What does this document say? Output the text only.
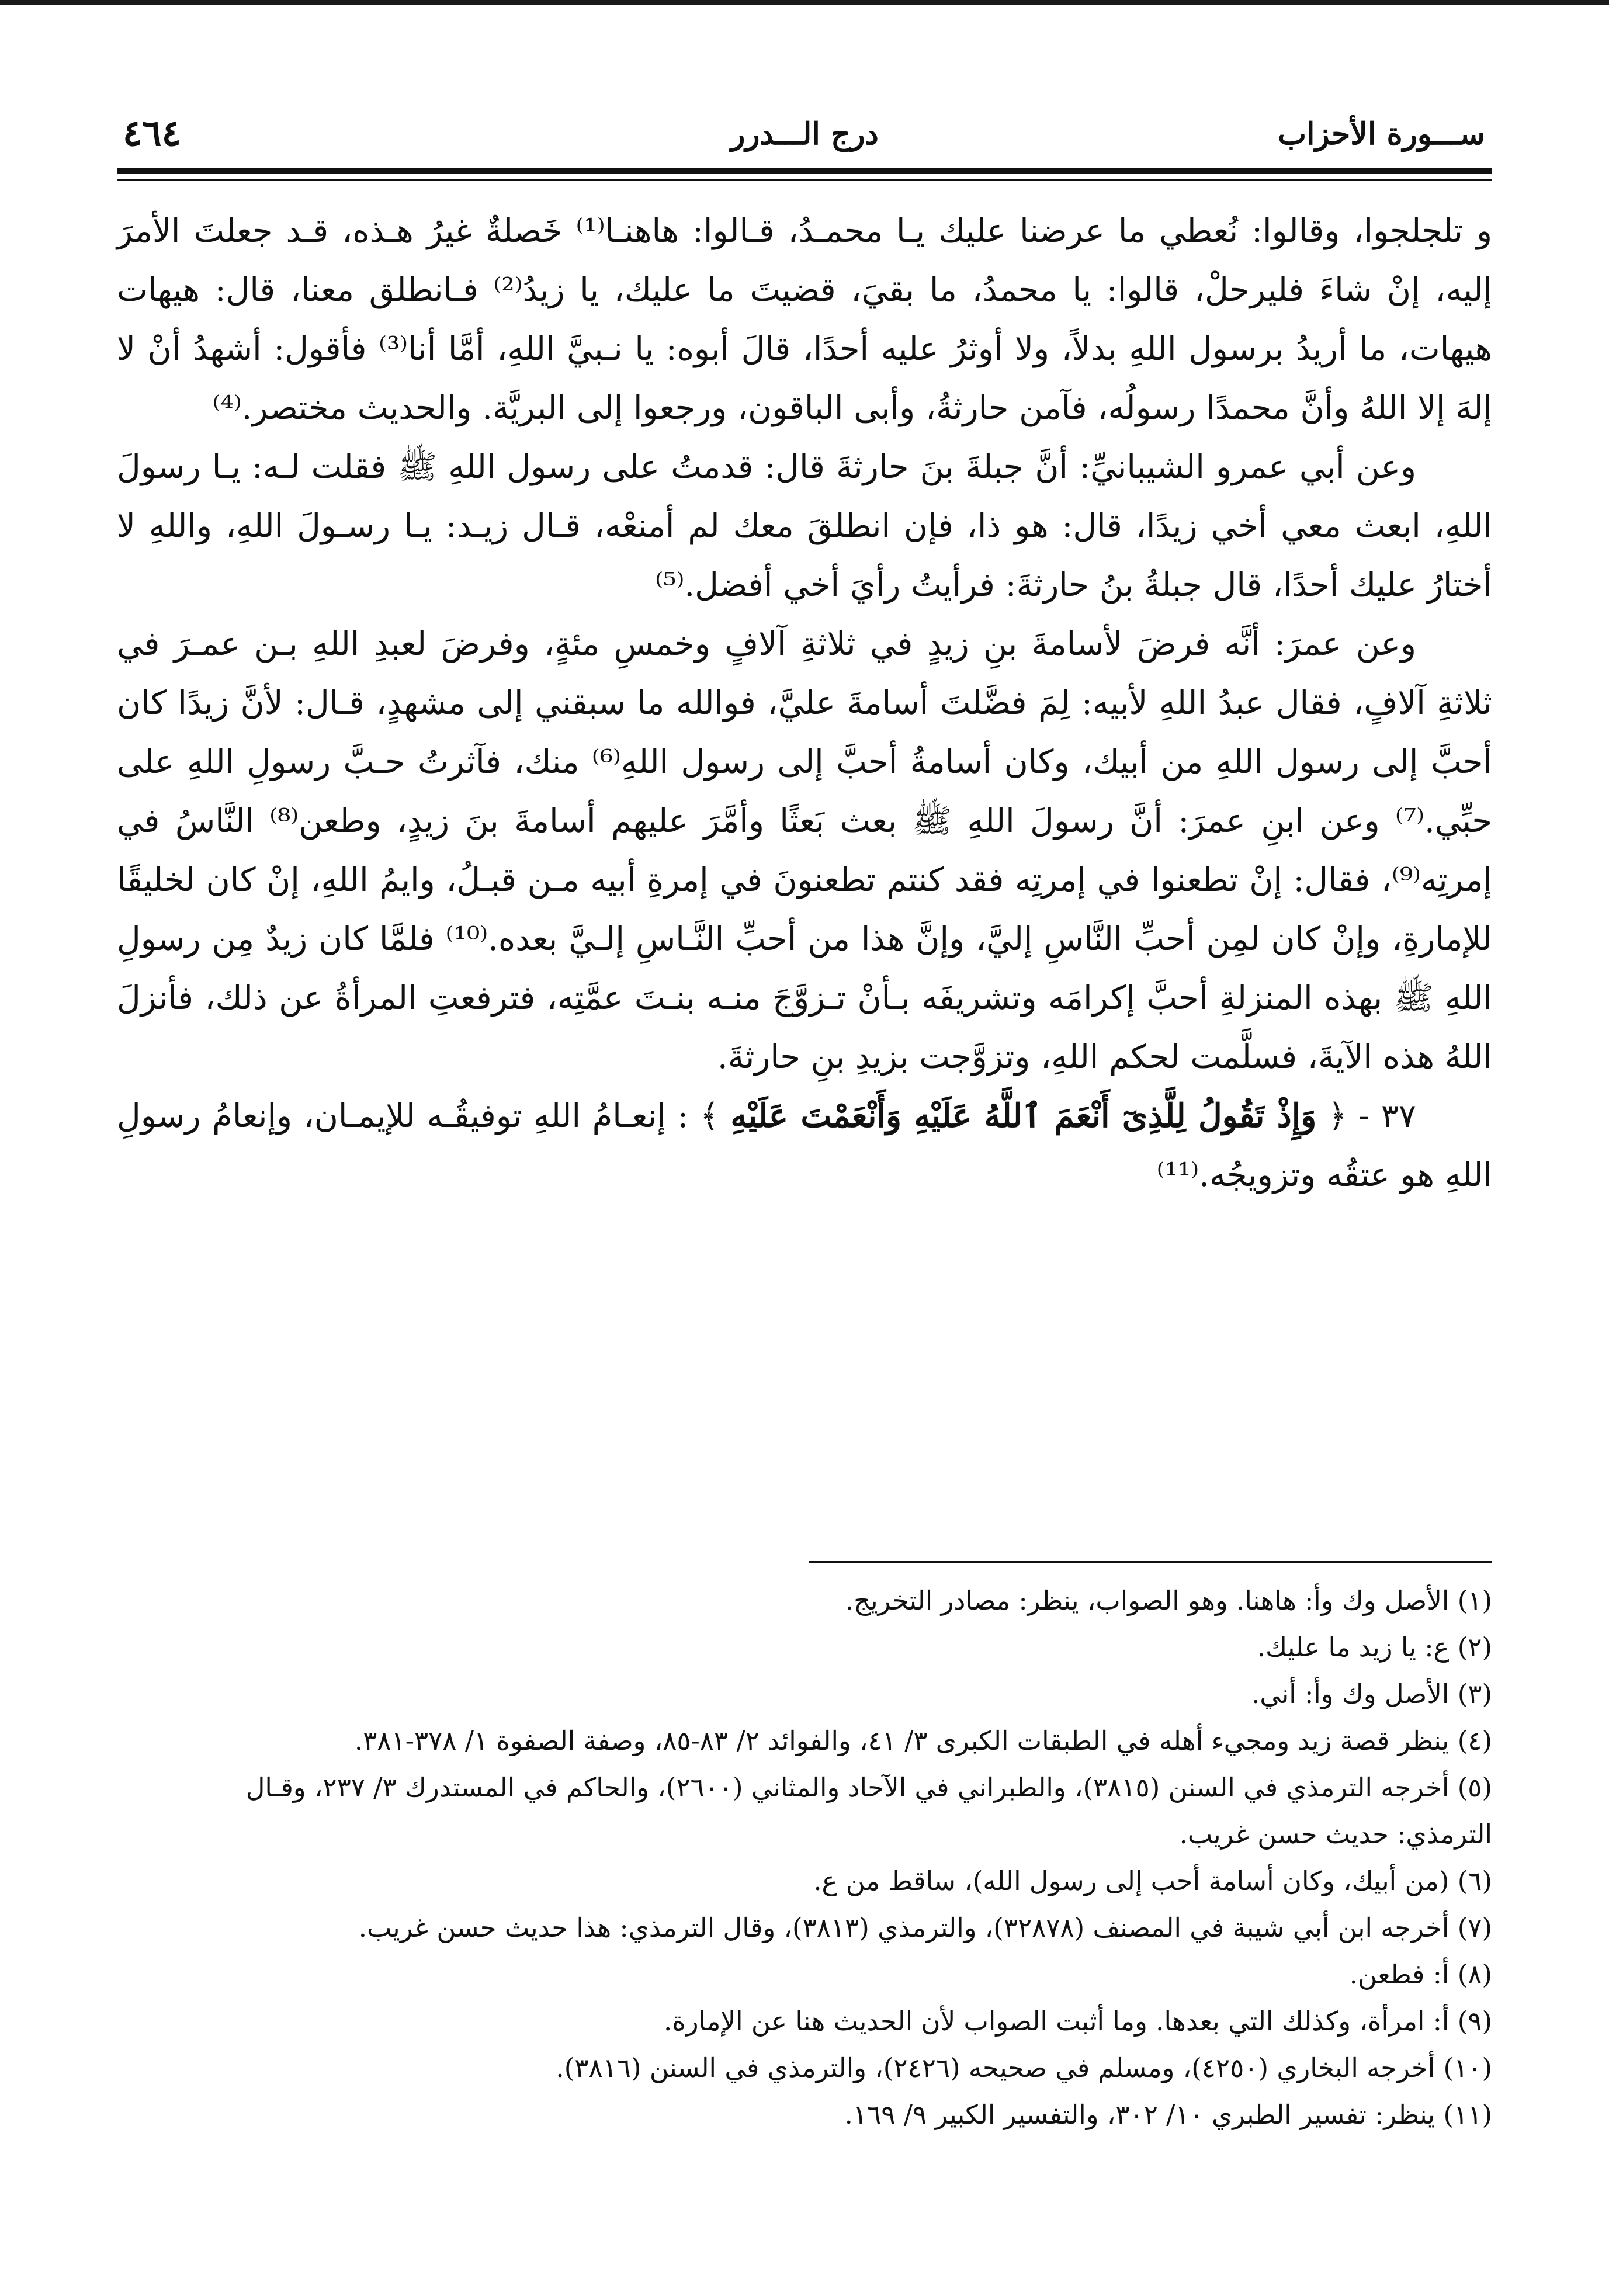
٤٦٤	درج الـــدرر	ســـورة الأحزاب

و تلجلجوا، وقالوا: نُعطي ما عرضنا عليك يـا محمـدُ، قـالوا: هاهنـا⁽¹⁾ خَصلةٌ غيرُ هـذه، قـد جعلتَ الأمرَ إليه، إنْ شاءَ فليرحلْ، قالوا: يا محمدُ، ما بقيَ، قضيتَ ما عليك، يا زيدُ⁽²⁾ فـانطلق معنا، قال: هيهات هيهات، ما أريدُ برسول اللهِ بدلاً، ولا أوثرُ عليه أحدًا، قالَ أبوه: يا نـبيَّ اللهِ، أمَّا أنا⁽³⁾ فأقول: أشهدُ أنْ لا إلهَ إلا اللهُ وأنَّ محمدًا رسولُه، فآمن حارثةُ، وأبى الباقون، ورجعوا إلى البريَّة. والحديث مختصر.⁽⁴⁾

وعن أبي عمرو الشيبانيِّ: أنَّ جبلةَ بنَ حارثةَ قال: قدمتُ على رسول اللهِ ﷺ فقلت لـه: يـا رسولَ اللهِ، ابعث معي أخي زيدًا، قال: هو ذا، فإن انطلقَ معك لم أمنعْه، قـال زيـد: يـا رسـولَ اللهِ، واللهِ لا أختارُ عليك أحدًا، قال جبلةُ بنُ حارثةَ: فرأيتُ رأيَ أخي أفضل.⁽⁵⁾

وعن عمرَ: أنَّه فرضَ لأسامةَ بنِ زيدٍ في ثلاثةِ آلافٍ وخمسِ مئةٍ، وفرضَ لعبدِ اللهِ بـن عمـرَ في ثلاثةِ آلافٍ، فقال عبدُ اللهِ لأبيه: لِمَ فضَّلتَ أسامةَ عليَّ، فوالله ما سبقني إلى مشهدٍ، قـال: لأنَّ زيدًا كان أحبَّ إلى رسول اللهِ من أبيك، وكان أسامةُ أحبَّ إلى رسول اللهِ⁽⁶⁾ منك، فآثرتُ حـبَّ رسولِ اللهِ على حبِّي.⁽⁷⁾ وعن ابنِ عمرَ: أنَّ رسولَ اللهِ ﷺ بعث بَعثًا وأمَّرَ عليهم أسامةَ بنَ زيدٍ، وطعن⁽⁸⁾ النَّاسُ في إمرتِه⁽⁹⁾، فقال: إنْ تطعنوا في إمرتِه فقد كنتم تطعنونَ في إمرةِ أبيه مـن قبـلُ، وايمُ اللهِ، إنْ كان لخليقًا للإمارةِ، وإنْ كان لمِن أحبِّ النَّاسِ إليَّ، وإنَّ هذا من أحبِّ النَّـاسِ إلـيَّ بعده.⁽¹⁰⁾ فلمَّا كان زيدٌ مِن رسولِ اللهِ ﷺ بهذه المنزلةِ أحبَّ إكرامَه وتشريفَه بـأنْ تـزوَّجَ منـه بنـتَ عمَّتِه، فترفعتِ المرأةُ عن ذلك، فأنزلَ اللهُ هذه الآيةَ، فسلَّمت لحكم اللهِ، وتزوَّجت بزيدِ بنِ حارثةَ.

٣٧ - ﴿ وَإِذْ تَقُولُ لِلَّذِىٓ أَنْعَمَ ٱللَّهُ عَلَيْهِ وَأَنْعَمْتَ عَلَيْهِ ﴾ : إنعـامُ اللهِ توفيقُـه للإيمـان، وإنعامُ رسولِ اللهِ هو عتقُه وتزويجُه.⁽¹¹⁾

(١) الأصل وك وأ: هاهنا. وهو الصواب، ينظر: مصادر التخريج.

(٢) ع: يا زيد ما عليك.

(٣) الأصل وك وأ: أني.

(٤) ينظر قصة زيد ومجيء أهله في الطبقات الكبرى ٣/ ٤١، والفوائد ٢/ ٨٣-٨٥، وصفة الصفوة ١/ ٣٧٨-٣٨١.

(٥) أخرجه الترمذي في السنن (٣٨١٥)، والطبراني في الآحاد والمثاني (٢٦٠٠)، والحاكم في المستدرك ٣/ ٢٣٧، وقـال

الترمذي: حديث حسن غريب.

(٦) (من أبيك، وكان أسامة أحب إلى رسول الله)، ساقط من ع.

(٧) أخرجه ابن أبي شيبة في المصنف (٣٢٨٧٨)، والترمذي (٣٨١٣)، وقال الترمذي: هذا حديث حسن غريب.

(٨) أ: فطعن.

(٩) أ: امرأة، وكذلك التي بعدها. وما أثبت الصواب لأن الحديث هنا عن الإمارة.

(١٠) أخرجه البخاري (٤٢٥٠)، ومسلم في صحيحه (٢٤٢٦)، والترمذي في السنن (٣٨١٦).

(١١) ينظر: تفسير الطبري ١٠/ ٣٠٢، والتفسير الكبير ٩/ ١٦٩.
